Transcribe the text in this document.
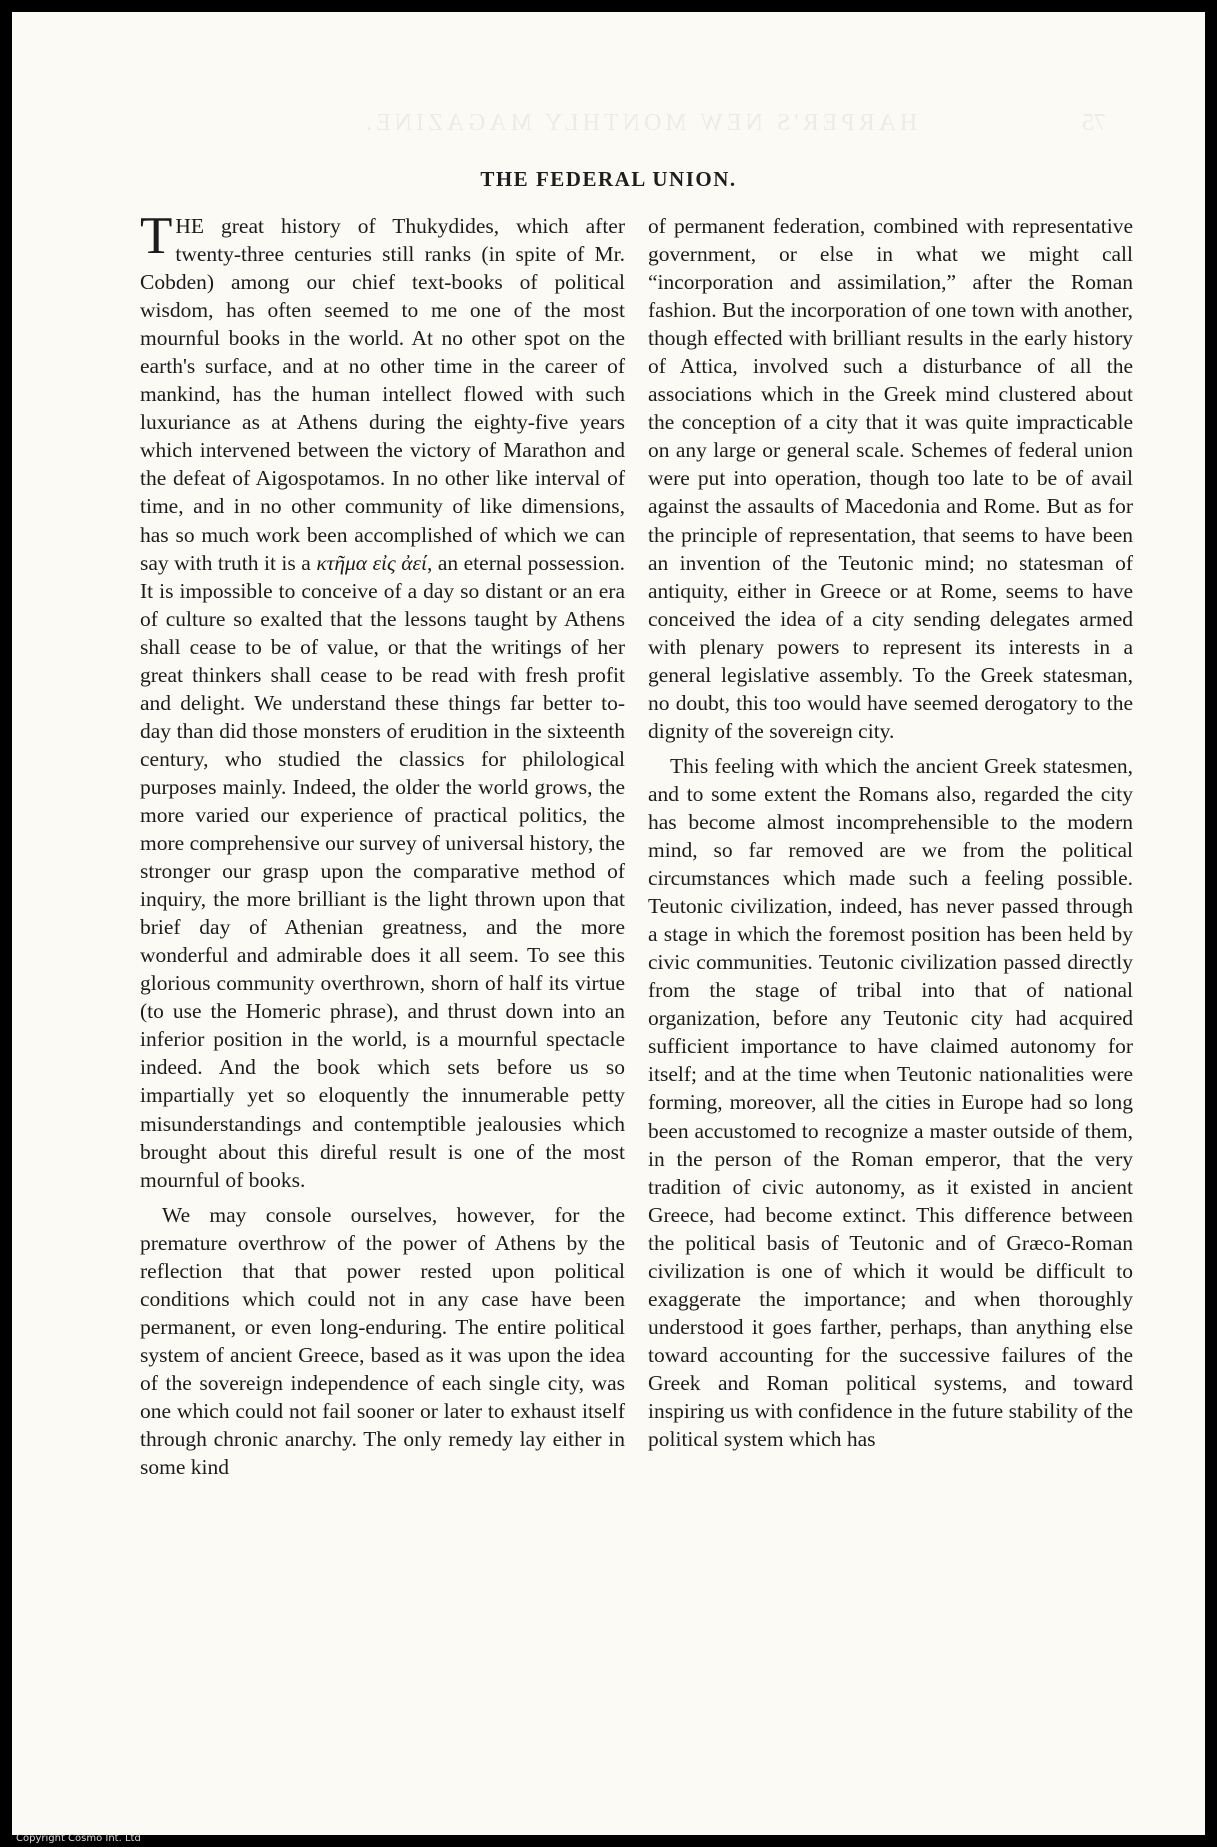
HARPER'S NEW MONTHLY MAGAZINE.	75
THE FEDERAL UNION.

THE great history of Thukydides, which after twenty-three centuries still ranks (in spite of Mr. Cobden) among our chief text-books of political wisdom, has often seemed to me one of the most mournful books in the world. At no other spot on the earth's surface, and at no other time in the career of mankind, has the human intellect flowed with such luxuriance as at Athens during the eighty-five years which intervened between the victory of Marathon and the defeat of Aigospotamos. In no other like interval of time, and in no other community of like dimensions, has so much work been accomplished of which we can say with truth it is a κτῆμα εἰς ἀεί, an eternal possession. It is impossible to conceive of a day so distant or an era of culture so exalted that the lessons taught by Athens shall cease to be of value, or that the writings of her great thinkers shall cease to be read with fresh profit and delight. We understand these things far better to-day than did those monsters of erudition in the sixteenth century, who studied the classics for philological purposes mainly. Indeed, the older the world grows, the more varied our experience of practical politics, the more comprehensive our survey of universal history, the stronger our grasp upon the comparative method of inquiry, the more brilliant is the light thrown upon that brief day of Athenian greatness, and the more wonderful and admirable does it all seem. To see this glorious community overthrown, shorn of half its virtue (to use the Homeric phrase), and thrust down into an inferior position in the world, is a mournful spectacle indeed. And the book which sets before us so impartially yet so eloquently the innumerable petty misunderstandings and contemptible jealousies which brought about this direful result is one of the most mournful of books.

We may console ourselves, however, for the premature overthrow of the power of Athens by the reflection that that power rested upon political conditions which could not in any case have been permanent, or even long-enduring. The entire political system of ancient Greece, based as it was upon the idea of the sovereign independence of each single city, was one which could not fail sooner or later to exhaust itself through chronic anarchy. The only remedy lay either in some kind

of permanent federation, combined with representative government, or else in what we might call “incorporation and assimilation,” after the Roman fashion. But the incorporation of one town with another, though effected with brilliant results in the early history of Attica, involved such a disturbance of all the associations which in the Greek mind clustered about the conception of a city that it was quite impracticable on any large or general scale. Schemes of federal union were put into operation, though too late to be of avail against the assaults of Macedonia and Rome. But as for the principle of representation, that seems to have been an invention of the Teutonic mind; no statesman of antiquity, either in Greece or at Rome, seems to have conceived the idea of a city sending delegates armed with plenary powers to represent its interests in a general legislative assembly. To the Greek statesman, no doubt, this too would have seemed derogatory to the dignity of the sovereign city.

This feeling with which the ancient Greek statesmen, and to some extent the Romans also, regarded the city has become almost incomprehensible to the modern mind, so far removed are we from the political circumstances which made such a feeling possible. Teutonic civilization, indeed, has never passed through a stage in which the foremost position has been held by civic communities. Teutonic civilization passed directly from the stage of tribal into that of national organization, before any Teutonic city had acquired sufficient importance to have claimed autonomy for itself; and at the time when Teutonic nationalities were forming, moreover, all the cities in Europe had so long been accustomed to recognize a master outside of them, in the person of the Roman emperor, that the very tradition of civic autonomy, as it existed in ancient Greece, had become extinct. This difference between the political basis of Teutonic and of Græco-Roman civilization is one of which it would be difficult to exaggerate the importance; and when thoroughly understood it goes farther, perhaps, than anything else toward accounting for the successive failures of the Greek and Roman political systems, and toward inspiring us with confidence in the future stability of the political system which has

Copyright Cosmo Int. Ltd
